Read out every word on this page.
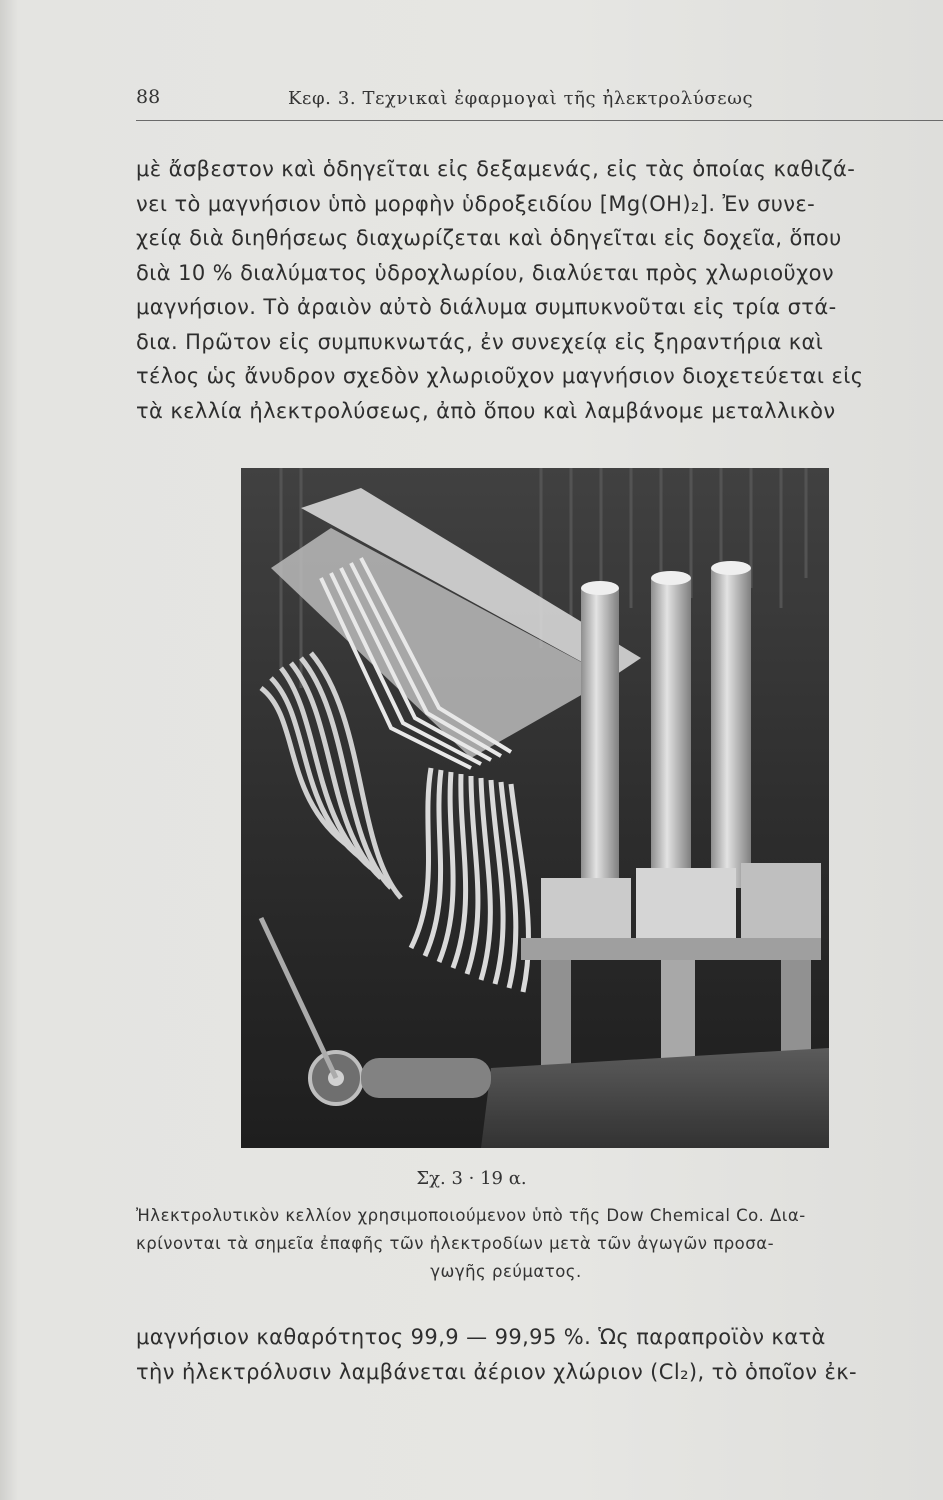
88	Κεφ. 3. Τεχνικαὶ ἐφαρμογαὶ τῆς ἠλεκτρολύσεως
μὲ ἄσβεστον καὶ ὁδηγεῖται εἰς δεξαμενάς, εἰς τὰς ὁποίας καθιζά-
νει τὸ μαγνήσιον ὑπὸ μορφὴν ὑδροξειδίου [Mg(OH)₂]. Ἐν συνε-
χείᾳ διὰ διηθήσεως διαχωρίζεται καὶ ὁδηγεῖται εἰς δοχεῖα, ὅπου
διὰ 10 % διαλύματος ὑδροχλωρίου, διαλύεται πρὸς χλωριοῦχον
μαγνήσιον. Τὸ ἀραιὸν αὐτὸ διάλυμα συμπυκνοῦται εἰς τρία στά-
δια. Πρῶτον εἰς συμπυκνωτάς, ἐν συνεχείᾳ εἰς ξηραντήρια καὶ
τέλος ὡς ἄνυδρον σχεδὸν χλωριοῦχον μαγνήσιον διοχετεύεται εἰς
τὰ κελλία ἠλεκτρολύσεως, ἀπὸ ὅπου καὶ λαμβάνομε μεταλλικὸν
Σχ. 3 · 19 α.
Ἠλεκτρολυτικὸν κελλίον χρησιμοποιούμενον ὑπὸ τῆς Dow Chemical Co. Δια-
κρίνονται τὰ σημεῖα ἐπαφῆς τῶν ἠλεκτροδίων μετὰ τῶν ἀγωγῶν προσα-
γωγῆς ρεύματος.
μαγνήσιον καθαρότητος 99,9 — 99,95 %. Ὡς παραπροϊὸν κατὰ
τὴν ἠλεκτρόλυσιν λαμβάνεται ἀέριον χλώριον (Cl₂), τὸ ὁποῖον ἐκ-
